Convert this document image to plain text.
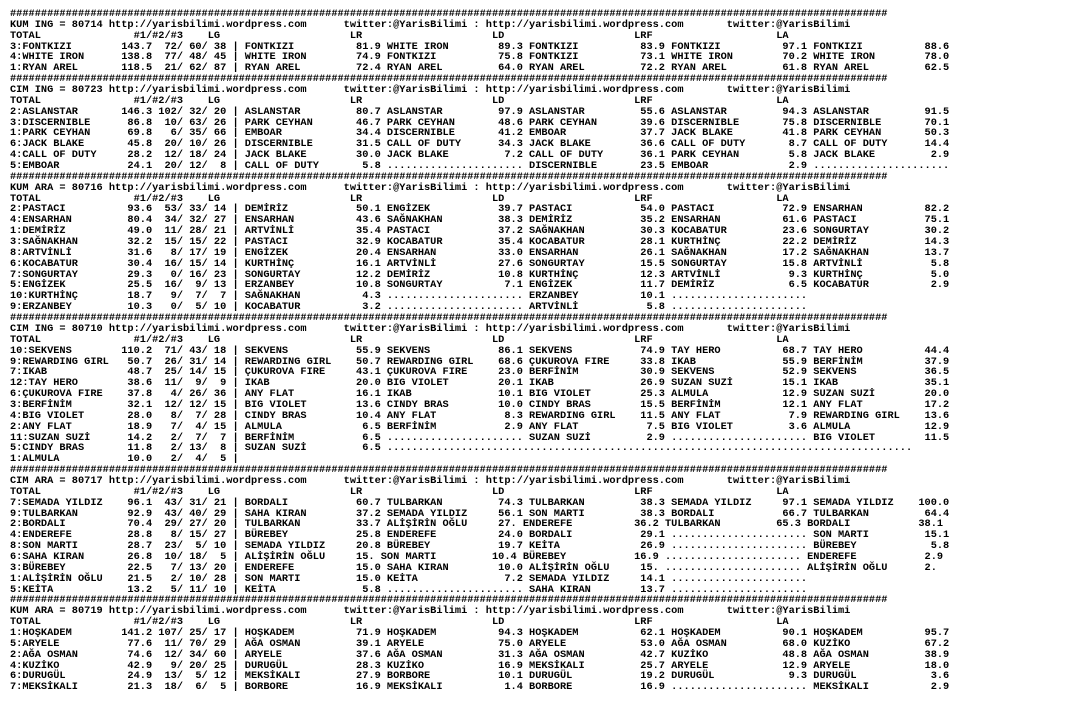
##############################################################################################################################################
KUM ING = 80714 http://yarisbilimi.wordpress.com      twitter:@YarisBilimi : http://yarisbilimi.wordpress.com       twitter:@YarisBilimi
TOTAL               #1/#2/#3    LG                     LR                     LD                     LRF                    LA
3:FONTKIZI        143.7  72/ 60/ 38 | FONTKIZI          81.9 WHITE IRON        89.3 FONTKIZI          83.9 FONTKIZI          97.1 FONTKIZI          88.6
4:WHITE IRON      138.8  77/ 48/ 45 | WHITE IRON        74.9 FONTKIZI          75.8 FONTKIZI          73.1 WHITE IRON        70.2 WHITE IRON        78.0
1:RYAN AREL       118.5  21/ 62/ 87 | RYAN AREL         72.4 RYAN AREL         64.0 RYAN AREL         72.2 RYAN AREL         61.8 RYAN AREL         62.5
##############################################################################################################################################
CIM ING = 80723 http://yarisbilimi.wordpress.com      twitter:@YarisBilimi : http://yarisbilimi.wordpress.com       twitter:@YarisBilimi
TOTAL               #1/#2/#3    LG                     LR                     LD                     LRF                    LA
2:ASLANSTAR       146.3 102/ 32/ 20 | ASLANSTAR         80.7 ASLANSTAR         97.9 ASLANSTAR         55.6 ASLANSTAR         94.3 ASLANSTAR         91.5
3:DISCERNIBLE      86.8  10/ 63/ 26 | PARK CEYHAN       46.7 PARK CEYHAN       48.6 PARK CEYHAN       39.6 DISCERNIBLE       75.8 DISCERNIBLE       70.1
1:PARK CEYHAN      69.8   6/ 35/ 66 | EMBOAR            34.4 DISCERNIBLE       41.2 EMBOAR            37.7 JACK BLAKE        41.8 PARK CEYHAN       50.3
6:JACK BLAKE       45.8  20/ 10/ 26 | DISCERNIBLE       31.5 CALL OF DUTY      34.3 JACK BLAKE        36.6 CALL OF DUTY       8.7 CALL OF DUTY      14.4
4:CALL OF DUTY     28.2  12/ 18/ 24 | JACK BLAKE        30.0 JACK BLAKE         7.2 CALL OF DUTY      36.1 PARK CEYHAN        5.8 JACK BLAKE         2.9
5:EMBOAR           24.1  20/ 12/  8 | CALL OF DUTY       5.8 ...................... DISCERNIBLE       23.5 EMBOAR             2.9 ......................
##############################################################################################################################################
KUM ARA = 80716 http://yarisbilimi.wordpress.com      twitter:@YarisBilimi : http://yarisbilimi.wordpress.com       twitter:@YarisBilimi
TOTAL               #1/#2/#3    LG                     LR                     LD                     LRF                    LA
2:PASTACI          93.6  53/ 33/ 14 | DEMİRİZ           50.1 ENGİZEK           39.7 PASTACI           54.0 PASTACI           72.9 ENSARHAN          82.2
4:ENSARHAN         80.4  34/ 32/ 27 | ENSARHAN          43.6 SAĞNAKHAN         38.3 DEMİRİZ           35.2 ENSARHAN          61.6 PASTACI           75.1
1:DEMİRİZ          49.0  11/ 28/ 21 | ARTVİNLİ          35.4 PASTACI           37.2 SAĞNAKHAN         30.3 KOCABATUR         23.6 SONGURTAY         30.2
3:SAĞNAKHAN        32.2  15/ 15/ 22 | PASTACI           32.9 KOCABATUR         35.4 KOCABATUR         28.1 KURTHİNÇ          22.2 DEMİRİZ           14.3
8:ARTVİNLİ         31.6   8/ 17/ 19 | ENGİZEK           20.4 ENSARHAN          33.0 ENSARHAN          26.1 SAĞNAKHAN         17.2 SAĞNAKHAN         13.7
6:KOCABATUR        30.4  16/ 15/ 14 | KURTHİNÇ          16.1 ARTVİNLİ          27.6 SONGURTAY         15.5 SONGURTAY         15.8 ARTVİNLİ           5.8
7:SONGURTAY        29.3   0/ 16/ 23 | SONGURTAY         12.2 DEMİRİZ           10.8 KURTHİNÇ          12.3 ARTVİNLİ           9.3 KURTHİNÇ           5.0
5:ENGİZEK          25.5  16/  9/ 13 | ERZANBEY          10.8 SONGURTAY          7.1 ENGİZEK           11.7 DEMİRİZ            6.5 KOCABATUR          2.9
10:KURTHİNÇ        18.7   9/  7/  7 | SAĞNAKHAN          4.3 ...................... ERZANBEY          10.1 ......................
9:ERZANBEY         10.3   0/  5/ 10 | KOCABATUR          3.2 ...................... ARTVİNLİ           5.8 ......................
##############################################################################################################################################
CIM ING = 80710 http://yarisbilimi.wordpress.com      twitter:@YarisBilimi : http://yarisbilimi.wordpress.com       twitter:@YarisBilimi
TOTAL               #1/#2/#3    LG                     LR                     LD                     LRF                    LA
10:SEKVENS        110.2  71/ 43/ 18 | SEKVENS           55.9 SEKVENS           86.1 SEKVENS           74.9 TAY HERO          68.7 TAY HERO          44.4
9:REWARDING GIRL   50.7  26/ 31/ 14 | REWARDING GIRL    50.7 REWARDING GIRL    68.6 ÇUKUROVA FIRE     33.8 IKAB              55.9 BERFİNİM          37.9
7:IKAB             48.7  25/ 14/ 15 | ÇUKUROVA FIRE     43.1 ÇUKUROVA FIRE     23.0 BERFİNİM          30.9 SEKVENS           52.9 SEKVENS           36.5
12:TAY HERO        38.6  11/  9/  9 | IKAB              20.0 BIG VIOLET        20.1 IKAB              26.9 SUZAN SUZİ        15.1 IKAB              35.1
6:ÇUKUROVA FIRE    37.8   4/ 26/ 36 | ANY FLAT          16.1 IKAB              10.1 BIG VIOLET        25.3 ALMULA            12.9 SUZAN SUZİ        20.0
3:BERFİNİM         32.1  12/ 12/ 15 | BIG VIOLET        13.6 CINDY BRAS        10.0 CINDY BRAS        15.5 BERFİNİM          12.1 ANY FLAT          17.2
4:BIG VIOLET       28.0   8/  7/ 28 | CINDY BRAS        10.4 ANY FLAT           8.3 REWARDING GIRL    11.5 ANY FLAT           7.9 REWARDING GIRL    13.6
2:ANY FLAT         18.9   7/  4/ 15 | ALMULA             6.5 BERFİNİM           2.9 ANY FLAT           7.5 BIG VIOLET         3.6 ALMULA            12.9
11:SUZAN SUZİ      14.2   2/  7/  7 | BERFİNİM           6.5 ...................... SUZAN SUZİ         2.9 ...................... BIG VIOLET        11.5
5:CINDY BRAS       11.8   2/ 13/  8 | SUZAN SUZİ         6.5 .....................................................................................
1:ALMULA           10.0   2/  4/  5 |
##############################################################################################################################################
CIM ARA = 80717 http://yarisbilimi.wordpress.com      twitter:@YarisBilimi : http://yarisbilimi.wordpress.com       twitter:@YarisBilimi
TOTAL               #1/#2/#3    LG                     LR                     LD                     LRF                    LA
7:SEMADA YILDIZ    96.1  43/ 31/ 21 | BORDALI           60.7 TULBARKAN         74.3 TULBARKAN         38.3 SEMADA YILDIZ     97.1 SEMADA YILDIZ    100.0
9:TULBARKAN        92.9  43/ 40/ 29 | SAHA KIRAN        37.2 SEMADA YILDIZ     56.1 SON MARTI         38.3 BORDALI           66.7 TULBARKAN         64.4
2:BORDALI          70.4  29/ 27/ 20 | TULBARKAN         33.7 ALİŞİRİN OĞLU     27. ENDEREFE          36.2 TULBARKAN         65.3 BORDALI           38.1
4:ENDEREFE         28.8   8/ 15/ 27 | BÜREBEY           25.8 ENDEREFE          24.0 BORDALI           29.1 ...................... SON MARTI         15.1
8:SON MARTI        28.7  23/  5/ 10 | SEMADA YILDIZ     20.8 BÜREBEY           19.7 KEİTA             26.9 ...................... BÜREBEY            5.8
6:SAHA KIRAN       26.8  10/ 18/  5 | ALİŞİRİN OĞLU     15. SON MARTI         10.4 BÜREBEY           16.9 ...................... ENDEREFE           2.9
3:BÜREBEY          22.5   7/ 13/ 20 | ENDEREFE          15.0 SAHA KIRAN        10.0 ALİŞİRİN OĞLU     15. ...................... ALİŞİRİN OĞLU      2.
1:ALİŞİRİN OĞLU    21.5   2/ 10/ 28 | SON MARTI         15.0 KEİTA              7.2 SEMADA YILDIZ     14.1 ......................
5:KEİTA            13.2   5/ 11/ 10 | KEİTA              5.8 ...................... SAHA KIRAN        13.7 ......................
##############################################################################################################################################
KUM ARA = 80719 http://yarisbilimi.wordpress.com      twitter:@YarisBilimi : http://yarisbilimi.wordpress.com       twitter:@YarisBilimi
TOTAL               #1/#2/#3    LG                     LR                     LD                     LRF                    LA
1:HOŞKADEM        141.2 107/ 25/ 17 | HOŞKADEM          71.9 HOŞKADEM          94.3 HOŞKADEM          62.1 HOŞKADEM          90.1 HOŞKADEM          95.7
5:ARYELE           77.6  11/ 70/ 29 | AĞA OSMAN         39.1 ARYELE            75.0 ARYELE            53.0 AĞA OSMAN         68.0 KUZİKO            67.2
2:AĞA OSMAN        74.6  12/ 34/ 60 | ARYELE            37.6 AĞA OSMAN         31.3 AĞA OSMAN         42.7 KUZİKO            48.8 AĞA OSMAN         38.9
4:KUZİKO           42.9   9/ 20/ 25 | DURUGÜL           28.3 KUZİKO            16.9 MEKSİKALI         25.7 ARYELE            12.9 ARYELE            18.0
6:DURUGÜL          24.9  13/  5/ 12 | MEKSİKALI         27.9 BORBORE           10.1 DURUGÜL           19.2 DURUGÜL            9.3 DURUGÜL            3.6
7:MEKSİKALI        21.3  18/  6/  5 | BORBORE           16.9 MEKSİKALI          1.4 BORBORE           16.9 ...................... MEKSİKALI          2.9
